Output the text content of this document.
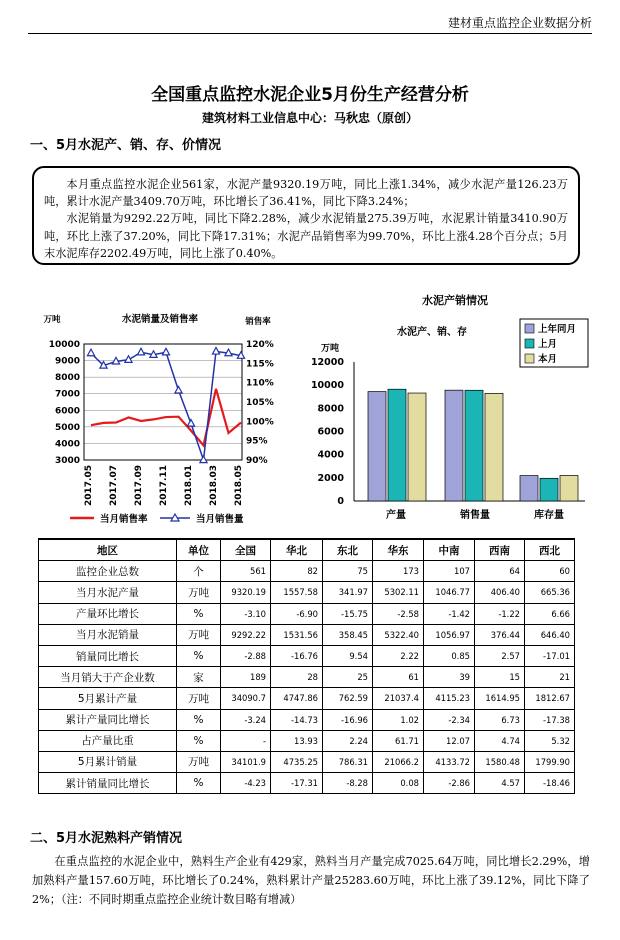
建材重点监控企业数据分析
全国重点监控水泥企业5月份生产经营分析
建筑材料工业信息中心：马秋忠（原创）
一、5月水泥产、销、存、价情况

本月重点监控水泥企业561家，水泥产量9320.19万吨，同比上涨1.34%，减少水泥产量126.23万吨，累计水泥产量3409.70万吨，环比增长了36.41%，同比下降3.24%；

水泥销量为9292.22万吨，同比下降2.28%，减少水泥销量275.39万吨，水泥累计销量3410.90万吨，环比上涨了37.20%，同比下降17.31%；水泥产品销售率为99.70%，环比上涨4.28个百分点；5月末水泥库存2202.49万吨，同比上涨了0.40%。

水泥销量及销售率
万吨	销售率
10000
9000
8000
7000
6000
5000
4000
3000
120%
115%
110%
105%
100%
95%
90%
2017.05 2017.07 2017.09 2017.11 2018.01 2018.03 2018.05
当月销售率	当月销售量
水泥产销情况
水泥产、销、存
万吨
12000
10000
8000
6000
4000
2000
0
产量	销售量	库存量
上年同月
上月
本月
地区	单位	全国	华北	东北	华东	中南	西南	西北
监控企业总数	个	561	82	75	173	107	64	60
当月水泥产量	万吨	9320.19	1557.58	341.97	5302.11	1046.77	406.40	665.36
产量环比增长	%	-3.10	-6.90	-15.75	-2.58	-1.42	-1.22	6.66
当月水泥销量	万吨	9292.22	1531.56	358.45	5322.40	1056.97	376.44	646.40
销量同比增长	%	-2.88	-16.76	9.54	2.22	0.85	2.57	-17.01
当月销大于产企业数	家	189	28	25	61	39	15	21
5月累计产量	万吨	34090.7	4747.86	762.59	21037.4	4115.23	1614.95	1812.67
累计产量同比增长	%	-3.24	-14.73	-16.96	1.02	-2.34	6.73	-17.38
占产量比重	%	-	13.93	2.24	61.71	12.07	4.74	5.32
5月累计销量	万吨	34101.9	4735.25	786.31	21066.2	4133.72	1580.48	1799.90
累计销量同比增长	%	-4.23	-17.31	-8.28	0.08	-2.86	4.57	-18.46
二、5月水泥熟料产销情况

在重点监控的水泥企业中，熟料生产企业有429家，熟料当月产量完成7025.64万吨，同比增长2.29%，增加熟料产量157.60万吨，环比增长了0.24%，熟料累计产量25283.60万吨，环比上涨了39.12%，同比下降了2%；（注：不同时期重点监控企业统计数目略有增减）
